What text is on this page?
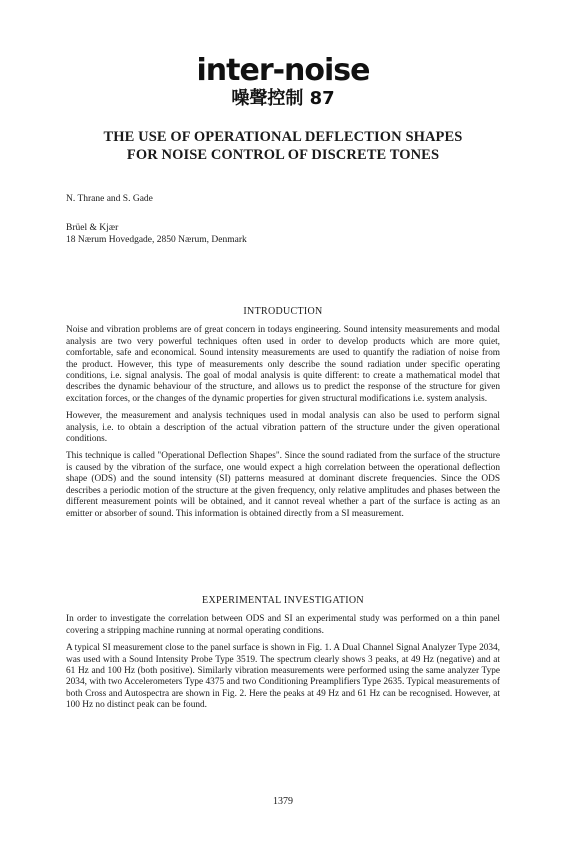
inter-noise
噪聲控制 87
THE USE OF OPERATIONAL DEFLECTION SHAPES
FOR NOISE CONTROL OF DISCRETE TONES
N. Thrane and S. Gade
Brüel & Kjær
18 Nærum Hovedgade, 2850 Nærum, Denmark
INTRODUCTION

Noise and vibration problems are of great concern in todays engineering. Sound intensity measurements and modal analysis are two very powerful techniques often used in order to develop products which are more quiet, comfortable, safe and economical. Sound intensity measurements are used to quantify the radiation of noise from the product. However, this type of measurements only describe the sound radiation under specific operating conditions, i.e. signal analysis. The goal of modal analysis is quite different: to create a mathematical model that describes the dynamic behaviour of the structure, and allows us to predict the response of the structure for given excitation forces, or the changes of the dynamic properties for given structural modifications i.e. system analysis.

However, the measurement and analysis techniques used in modal analysis can also be used to perform signal analysis, i.e. to obtain a description of the actual vibration pattern of the structure under the given operational conditions.

This technique is called "Operational Deflection Shapes". Since the sound radiated from the surface of the structure is caused by the vibration of the surface, one would expect a high correlation between the operational deflection shape (ODS) and the sound intensity (SI) patterns measured at dominant discrete frequencies. Since the ODS describes a periodic motion of the structure at the given frequency, only relative amplitudes and phases between the different measurement points will be obtained, and it cannot reveal whether a part of the surface is acting as an emitter or absorber of sound. This information is obtained directly from a SI measurement.

EXPERIMENTAL INVESTIGATION

In order to investigate the correlation between ODS and SI an experimental study was performed on a thin panel covering a stripping machine running at normal operating conditions.

A typical SI measurement close to the panel surface is shown in Fig. 1. A Dual Channel Signal Analyzer Type 2034, was used with a Sound Intensity Probe Type 3519. The spectrum clearly shows 3 peaks, at 49 Hz (negative) and at 61 Hz and 100 Hz (both positive). Similarly vibration measurements were performed using the same analyzer Type 2034, with two Accelerometers Type 4375 and two Conditioning Preamplifiers Type 2635. Typical measurements of both Cross and Autospectra are shown in Fig. 2. Here the peaks at 49 Hz and 61 Hz can be recognised. However, at 100 Hz no distinct peak can be found.

1379
